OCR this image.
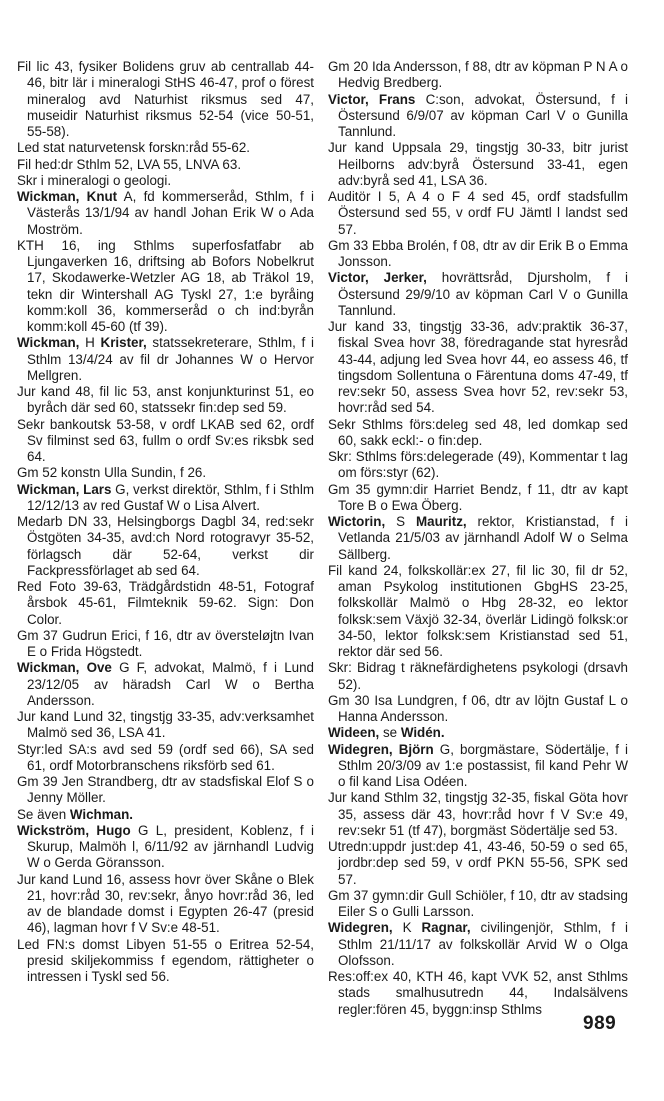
Fil lic 43, fysiker Bolidens gruv ab centrallab 44-46, bitr lär i mineralogi StHS 46-47, prof o förest mineralog avd Naturhist riksmus sed 47, museidir Naturhist riksmus 52-54 (vice 50-51, 55-58).

Led stat naturvetensk forskn:råd 55-62.

Fil hed:dr Sthlm 52, LVA 55, LNVA 63.

Skr i mineralogi o geologi.

Wickman, Knut A, fd kommerseråd, Sthlm, f i Västerås 13/1/94 av handl Johan Erik W o Ada Moström.

KTH 16, ing Sthlms superfosfatfabr ab Ljungaverken 16, driftsing ab Bofors Nobelkrut 17, Skodawerke-Wetzler AG 18, ab Träkol 19, tekn dir Wintershall AG Tyskl 27, 1:e byråing komm:koll 36, kommerseråd o ch ind:byrån komm:koll 45-60 (tf 39).

Wickman, H Krister, statssekreterare, Sthlm, f i Sthlm 13/4/24 av fil dr Johannes W o Hervor Mellgren.

Jur kand 48, fil lic 53, anst konjunkturinst 51, eo byråch där sed 60, statssekr fin:dep sed 59.

Sekr bankoutsk 53-58, v ordf LKAB sed 62, ordf Sv filminst sed 63, fullm o ordf Sv:es riksbk sed 64.

Gm 52 konstn Ulla Sundin, f 26.

Wickman, Lars G, verkst direktör, Sthlm, f i Sthlm 12/12/13 av red Gustaf W o Lisa Alvert.

Medarb DN 33, Helsingborgs Dagbl 34, red:sekr Östgöten 34-35, avd:ch Nord rotogravyr 35-52, förlagsch där 52-64, verkst dir Fackpressförlaget ab sed 64.

Red Foto 39-63, Trädgårdstidn 48-51, Fotograf årsbok 45-61, Filmteknik 59-62. Sign: Don Color.

Gm 37 Gudrun Erici, f 16, dtr av översteløjtn Ivan E o Frida Högstedt.

Wickman, Ove G F, advokat, Malmö, f i Lund 23/12/05 av häradsh Carl W o Bertha Andersson.

Jur kand Lund 32, tingstjg 33-35, adv:verksamhet Malmö sed 36, LSA 41.

Styr:led SA:s avd sed 59 (ordf sed 66), SA sed 61, ordf Motorbranschens riksförb sed 61.

Gm 39 Jen Strandberg, dtr av stadsfiskal Elof S o Jenny Möller.

Se även Wichman.

Wickström, Hugo G L, president, Koblenz, f i Skurup, Malmöh l, 6/11/92 av järnhandl Ludvig W o Gerda Göransson.

Jur kand Lund 16, assess hovr över Skåne o Blek 21, hovr:råd 30, rev:sekr, ånyo hovr:råd 36, led av de blandade domst i Egypten 26-47 (presid 46), lagman hovr f V Sv:e 48-51.

Led FN:s domst Libyen 51-55 o Eritrea 52-54, presid skiljekommiss f egendom, rättigheter o intressen i Tyskl sed 56.

Gm 20 Ida Andersson, f 88, dtr av köpman P N A o Hedvig Bredberg.

Victor, Frans C:son, advokat, Östersund, f i Östersund 6/9/07 av köpman Carl V o Gunilla Tannlund.

Jur kand Uppsala 29, tingstjg 30-33, bitr jurist Heilborns adv:byrå Östersund 33-41, egen adv:byrå sed 41, LSA 36.

Auditör I 5, A 4 o F 4 sed 45, ordf stadsfullm Östersund sed 55, v ordf FU Jämtl l landst sed 57.

Gm 33 Ebba Brolén, f 08, dtr av dir Erik B o Emma Jonsson.

Victor, Jerker, hovrättsråd, Djursholm, f i Östersund 29/9/10 av köpman Carl V o Gunilla Tannlund.

Jur kand 33, tingstjg 33-36, adv:praktik 36-37, fiskal Svea hovr 38, föredragande stat hyresråd 43-44, adjung led Svea hovr 44, eo assess 46, tf tingsdom Sollentuna o Färentuna doms 47-49, tf rev:sekr 50, assess Svea hovr 52, rev:sekr 53, hovr:råd sed 54.

Sekr Sthlms förs:deleg sed 48, led domkap sed 60, sakk eckl:- o fin:dep.

Skr: Sthlms förs:delegerade (49), Kommentar t lag om förs:styr (62).

Gm 35 gymn:dir Harriet Bendz, f 11, dtr av kapt Tore B o Ewa Öberg.

Wictorin, S Mauritz, rektor, Kristianstad, f i Vetlanda 21/5/03 av järnhandl Adolf W o Selma Sällberg.

Fil kand 24, folkskollär:ex 27, fil lic 30, fil dr 52, aman Psykolog institutionen GbgHS 23-25, folkskollär Malmö o Hbg 28-32, eo lektor folksk:sem Växjö 32-34, överlär Lidingö folksk:or 34-50, lektor folksk:sem Kristianstad sed 51, rektor där sed 56.

Skr: Bidrag t räknefärdighetens psykologi (drsavh 52).

Gm 30 Isa Lundgren, f 06, dtr av löjtn Gustaf L o Hanna Andersson.

Wideen, se Widén.

Widegren, Björn G, borgmästare, Södertälje, f i Sthlm 20/3/09 av 1:e postassist, fil kand Pehr W o fil kand Lisa Odéen.

Jur kand Sthlm 32, tingstjg 32-35, fiskal Göta hovr 35, assess där 43, hovr:råd hovr f V Sv:e 49, rev:sekr 51 (tf 47), borgmäst Södertälje sed 53.

Utredn:uppdr just:dep 41, 43-46, 50-59 o sed 65, jordbr:dep sed 59, v ordf PKN 55-56, SPK sed 57.

Gm 37 gymn:dir Gull Schiöler, f 10, dtr av stadsing Eiler S o Gulli Larsson.

Widegren, K Ragnar, civilingenjör, Sthlm, f i Sthlm 21/11/17 av folkskollär Arvid W o Olga Olofsson.

Res:off:ex 40, KTH 46, kapt VVK 52, anst Sthlms stads smalhusutredn 44, Indalsälvens regler:fören 45, byggn:insp Sthlms

989
